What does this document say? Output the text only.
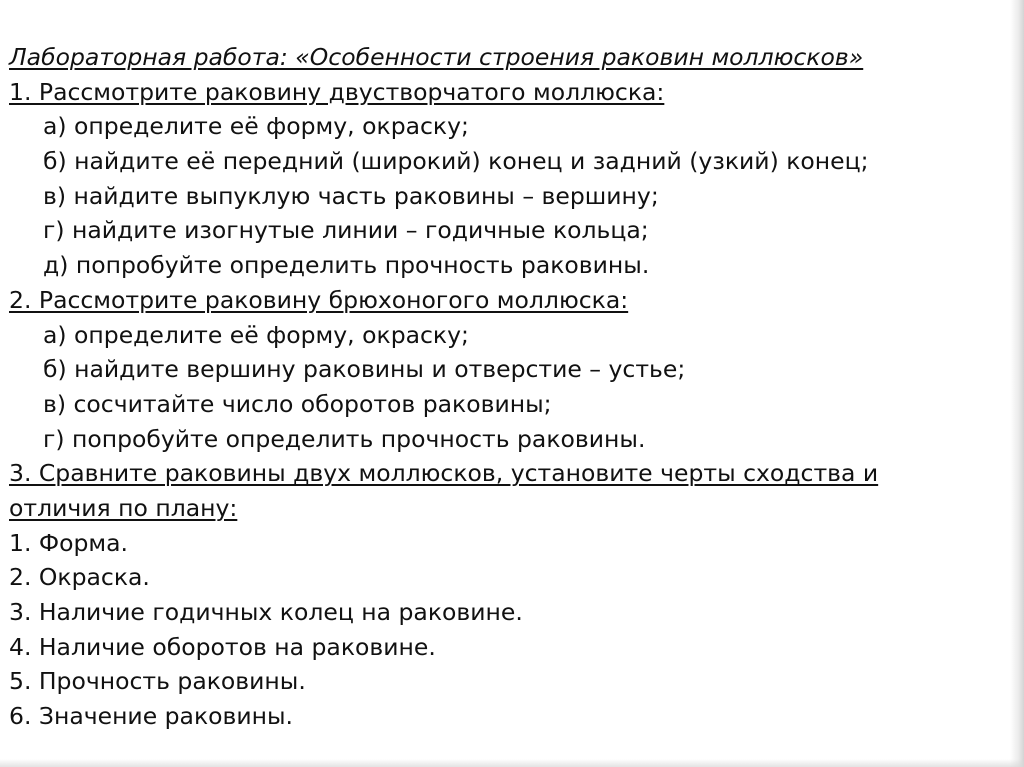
Лабораторная работа: «Особенности строения раковин моллюсков»
1. Рассмотрите раковину двустворчатого моллюска:
а) определите её форму, окраску;
б) найдите её передний (широкий) конец и задний (узкий) конец;
в) найдите выпуклую часть раковины – вершину;
г) найдите изогнутые линии – годичные кольца;
д) попробуйте определить прочность раковины.
2. Рассмотрите раковину брюхоногого моллюска:
а) определите её форму, окраску;
б) найдите вершину раковины и отверстие – устье;
в) сосчитайте число оборотов раковины;
г) попробуйте определить прочность раковины.
3. Сравните раковины двух моллюсков, установите черты сходства и
отличия по плану:
1. Форма.
2. Окраска.
3. Наличие годичных колец на раковине.
4. Наличие оборотов на раковине.
5. Прочность раковины.
6. Значение раковины.
